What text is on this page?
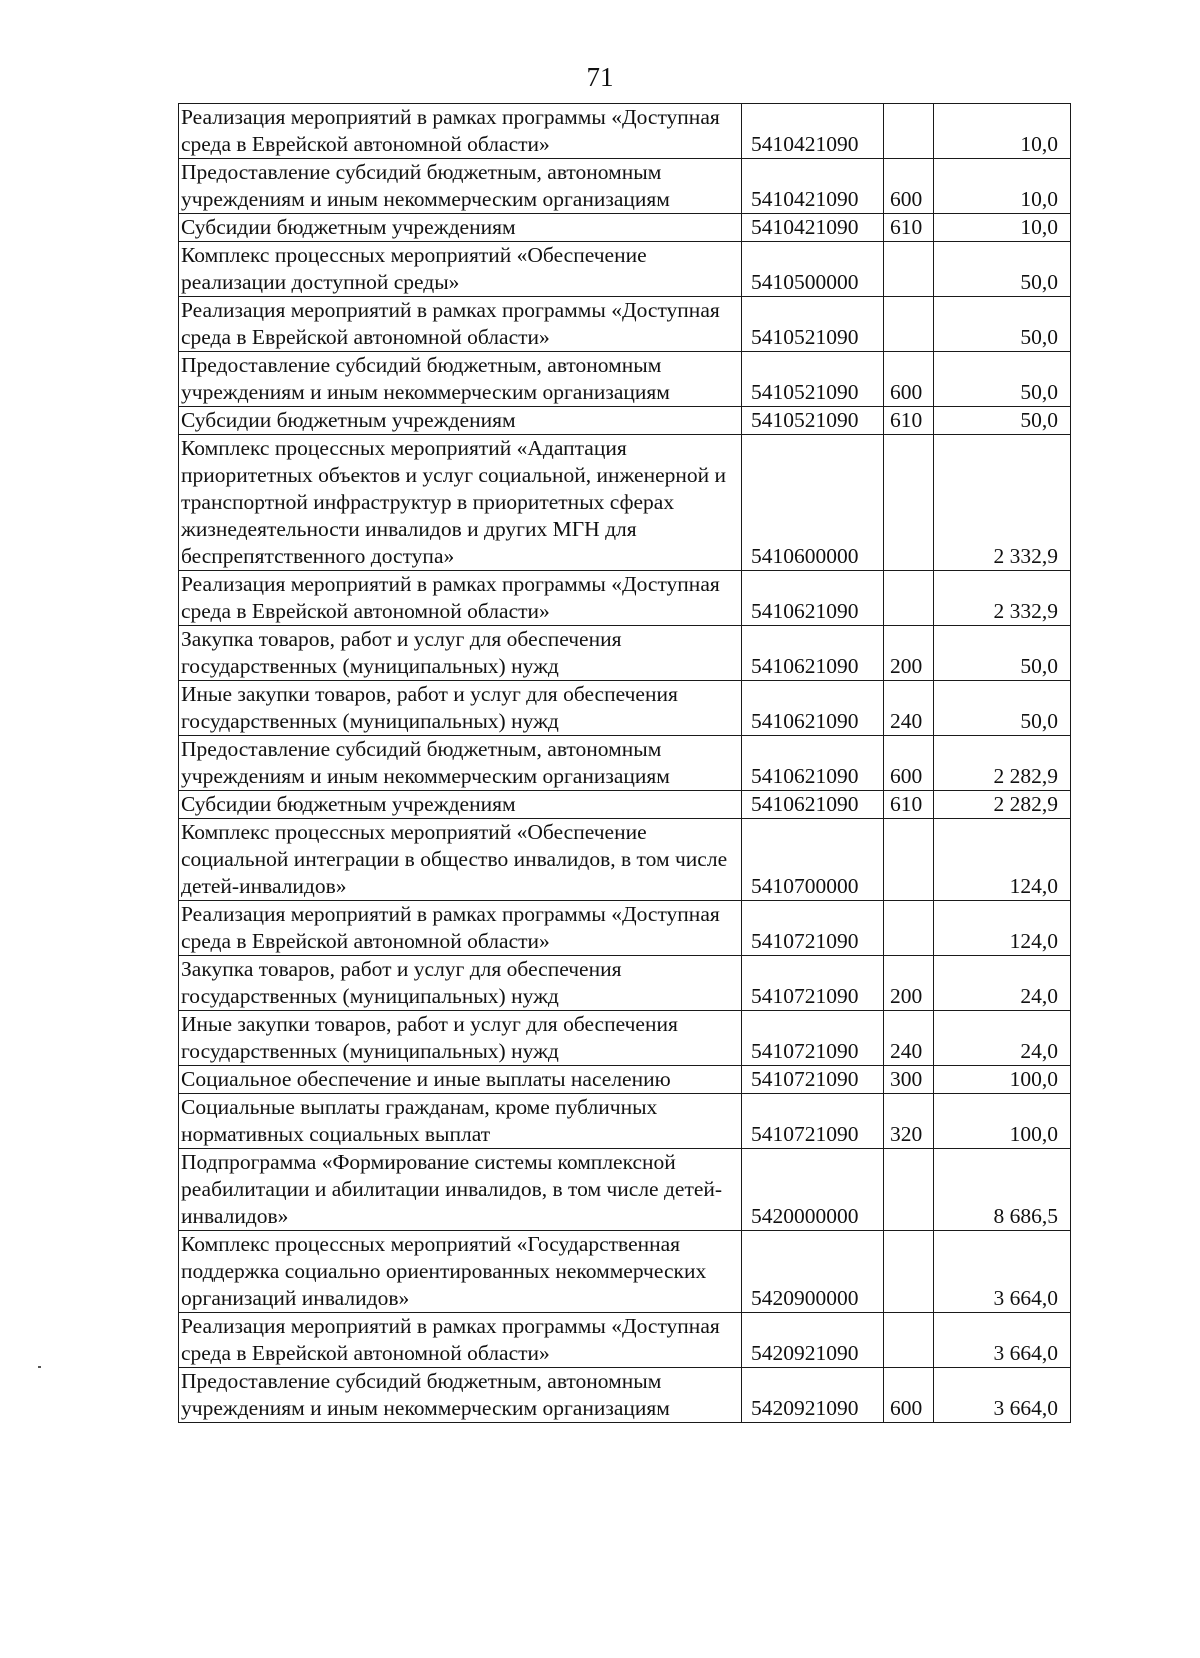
71
Реализация мероприятий в рамках программы «Доступная среда в Еврейской автономной области»	5410421090		10,0
Предоставление субсидий бюджетным, автономным учреждениям и иным некоммерческим организациям	5410421090	600	10,0
Субсидии бюджетным учреждениям	5410421090	610	10,0
Комплекс процессных мероприятий «Обеспечение реализации доступной среды»	5410500000		50,0
Реализация мероприятий в рамках программы «Доступная среда в Еврейской автономной области»	5410521090		50,0
Предоставление субсидий бюджетным, автономным учреждениям и иным некоммерческим организациям	5410521090	600	50,0
Субсидии бюджетным учреждениям	5410521090	610	50,0
Комплекс процессных мероприятий «Адаптация приоритетных объектов и услуг социальной, инженерной и транспортной инфраструктур в приоритетных сферах жизнедеятельности инвалидов и других МГН для беспрепятственного доступа»	5410600000		2 332,9
Реализация мероприятий в рамках программы «Доступная среда в Еврейской автономной области»	5410621090		2 332,9
Закупка товаров, работ и услуг для обеспечения государственных (муниципальных) нужд	5410621090	200	50,0
Иные закупки товаров, работ и услуг для обеспечения государственных (муниципальных) нужд	5410621090	240	50,0
Предоставление субсидий бюджетным, автономным учреждениям и иным некоммерческим организациям	5410621090	600	2 282,9
Субсидии бюджетным учреждениям	5410621090	610	2 282,9
Комплекс процессных мероприятий «Обеспечение социальной интеграции в общество инвалидов, в том числе детей-инвалидов»	5410700000		124,0
Реализация мероприятий в рамках программы «Доступная среда в Еврейской автономной области»	5410721090		124,0
Закупка товаров, работ и услуг для обеспечения государственных (муниципальных) нужд	5410721090	200	24,0
Иные закупки товаров, работ и услуг для обеспечения государственных (муниципальных) нужд	5410721090	240	24,0
Социальное обеспечение и иные выплаты населению	5410721090	300	100,0
Социальные выплаты гражданам, кроме публичных нормативных социальных выплат	5410721090	320	100,0
Подпрограмма «Формирование системы комплексной реабилитации и абилитации инвалидов, в том числе детей-инвалидов»	5420000000		8 686,5
Комплекс процессных мероприятий «Государственная поддержка социально ориентированных некоммерческих организаций инвалидов»	5420900000		3 664,0
Реализация мероприятий в рамках программы «Доступная среда в Еврейской автономной области»	5420921090		3 664,0
Предоставление субсидий бюджетным, автономным учреждениям и иным некоммерческим организациям	5420921090	600	3 664,0
